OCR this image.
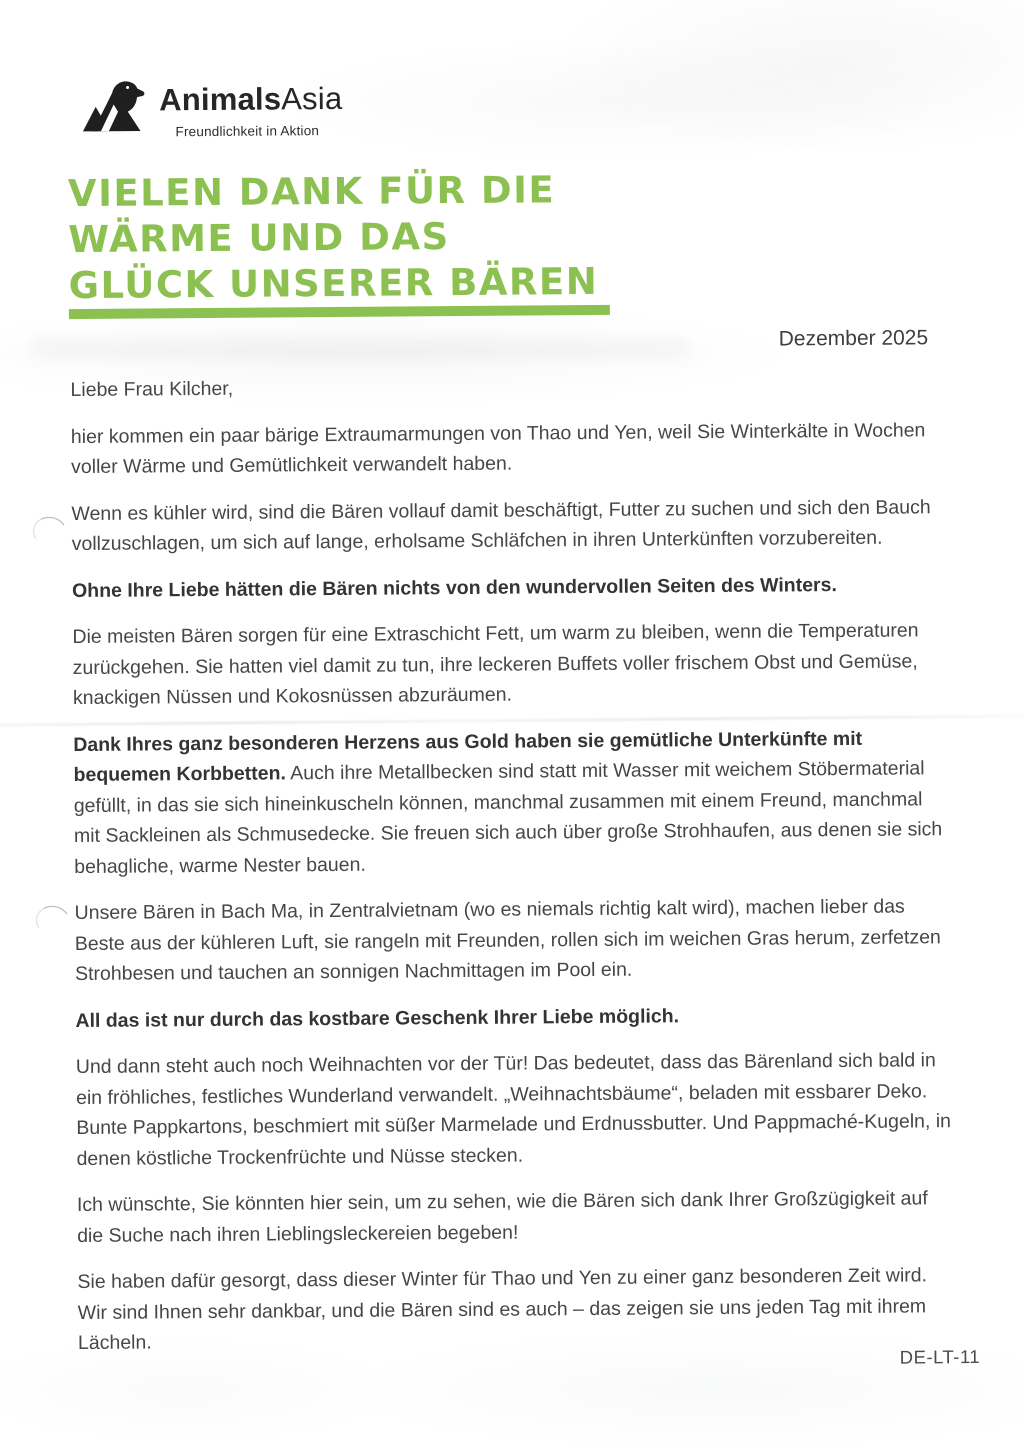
AnimalsAsia
Freundlichkeit in Aktion
VIELEN DANK FÜR DIE
WÄRME UND DAS
GLÜCK UNSERER BÄREN
Dezember 2025

Liebe Frau Kilcher,

hier kommen ein paar bärige Extraumarmungen von Thao und Yen, weil Sie Winterkälte in Wochen voller Wärme und Gemütlichkeit verwandelt haben.

Wenn es kühler wird, sind die Bären vollauf damit beschäftigt, Futter zu suchen und sich den Bauch vollzuschlagen, um sich auf lange, erholsame Schläfchen in ihren Unterkünften vorzubereiten.

Ohne Ihre Liebe hätten die Bären nichts von den wundervollen Seiten des Winters.

Die meisten Bären sorgen für eine Extraschicht Fett, um warm zu bleiben, wenn die Temperaturen zurückgehen. Sie hatten viel damit zu tun, ihre leckeren Buffets voller frischem Obst und Gemüse, knackigen Nüssen und Kokosnüssen abzuräumen.

Dank Ihres ganz besonderen Herzens aus Gold haben sie gemütliche Unterkünfte mit bequemen Korbbetten. Auch ihre Metallbecken sind statt mit Wasser mit weichem Stöbermaterial gefüllt, in das sie sich hineinkuscheln können, manchmal zusammen mit einem Freund, manchmal mit Sackleinen als Schmusedecke. Sie freuen sich auch über große Strohhaufen, aus denen sie sich behagliche, warme Nester bauen.

Unsere Bären in Bach Ma, in Zentralvietnam (wo es niemals richtig kalt wird), machen lieber das Beste aus der kühleren Luft, sie rangeln mit Freunden, rollen sich im weichen Gras herum, zerfetzen Strohbesen und tauchen an sonnigen Nachmittagen im Pool ein.

All das ist nur durch das kostbare Geschenk Ihrer Liebe möglich.

Und dann steht auch noch Weihnachten vor der Tür! Das bedeutet, dass das Bärenland sich bald in ein fröhliches, festliches Wunderland verwandelt. „Weihnachtsbäume“, beladen mit essbarer Deko. Bunte Pappkartons, beschmiert mit süßer Marmelade und Erdnussbutter. Und Pappmaché-Kugeln, in denen köstliche Trockenfrüchte und Nüsse stecken.

Ich wünschte, Sie könnten hier sein, um zu sehen, wie die Bären sich dank Ihrer Großzügigkeit auf die Suche nach ihren Lieblingsleckereien begeben!

Sie haben dafür gesorgt, dass dieser Winter für Thao und Yen zu einer ganz besonderen Zeit wird. Wir sind Ihnen sehr dankbar, und die Bären sind es auch – das zeigen sie uns jeden Tag mit ihrem Lächeln.

DE-LT-11
